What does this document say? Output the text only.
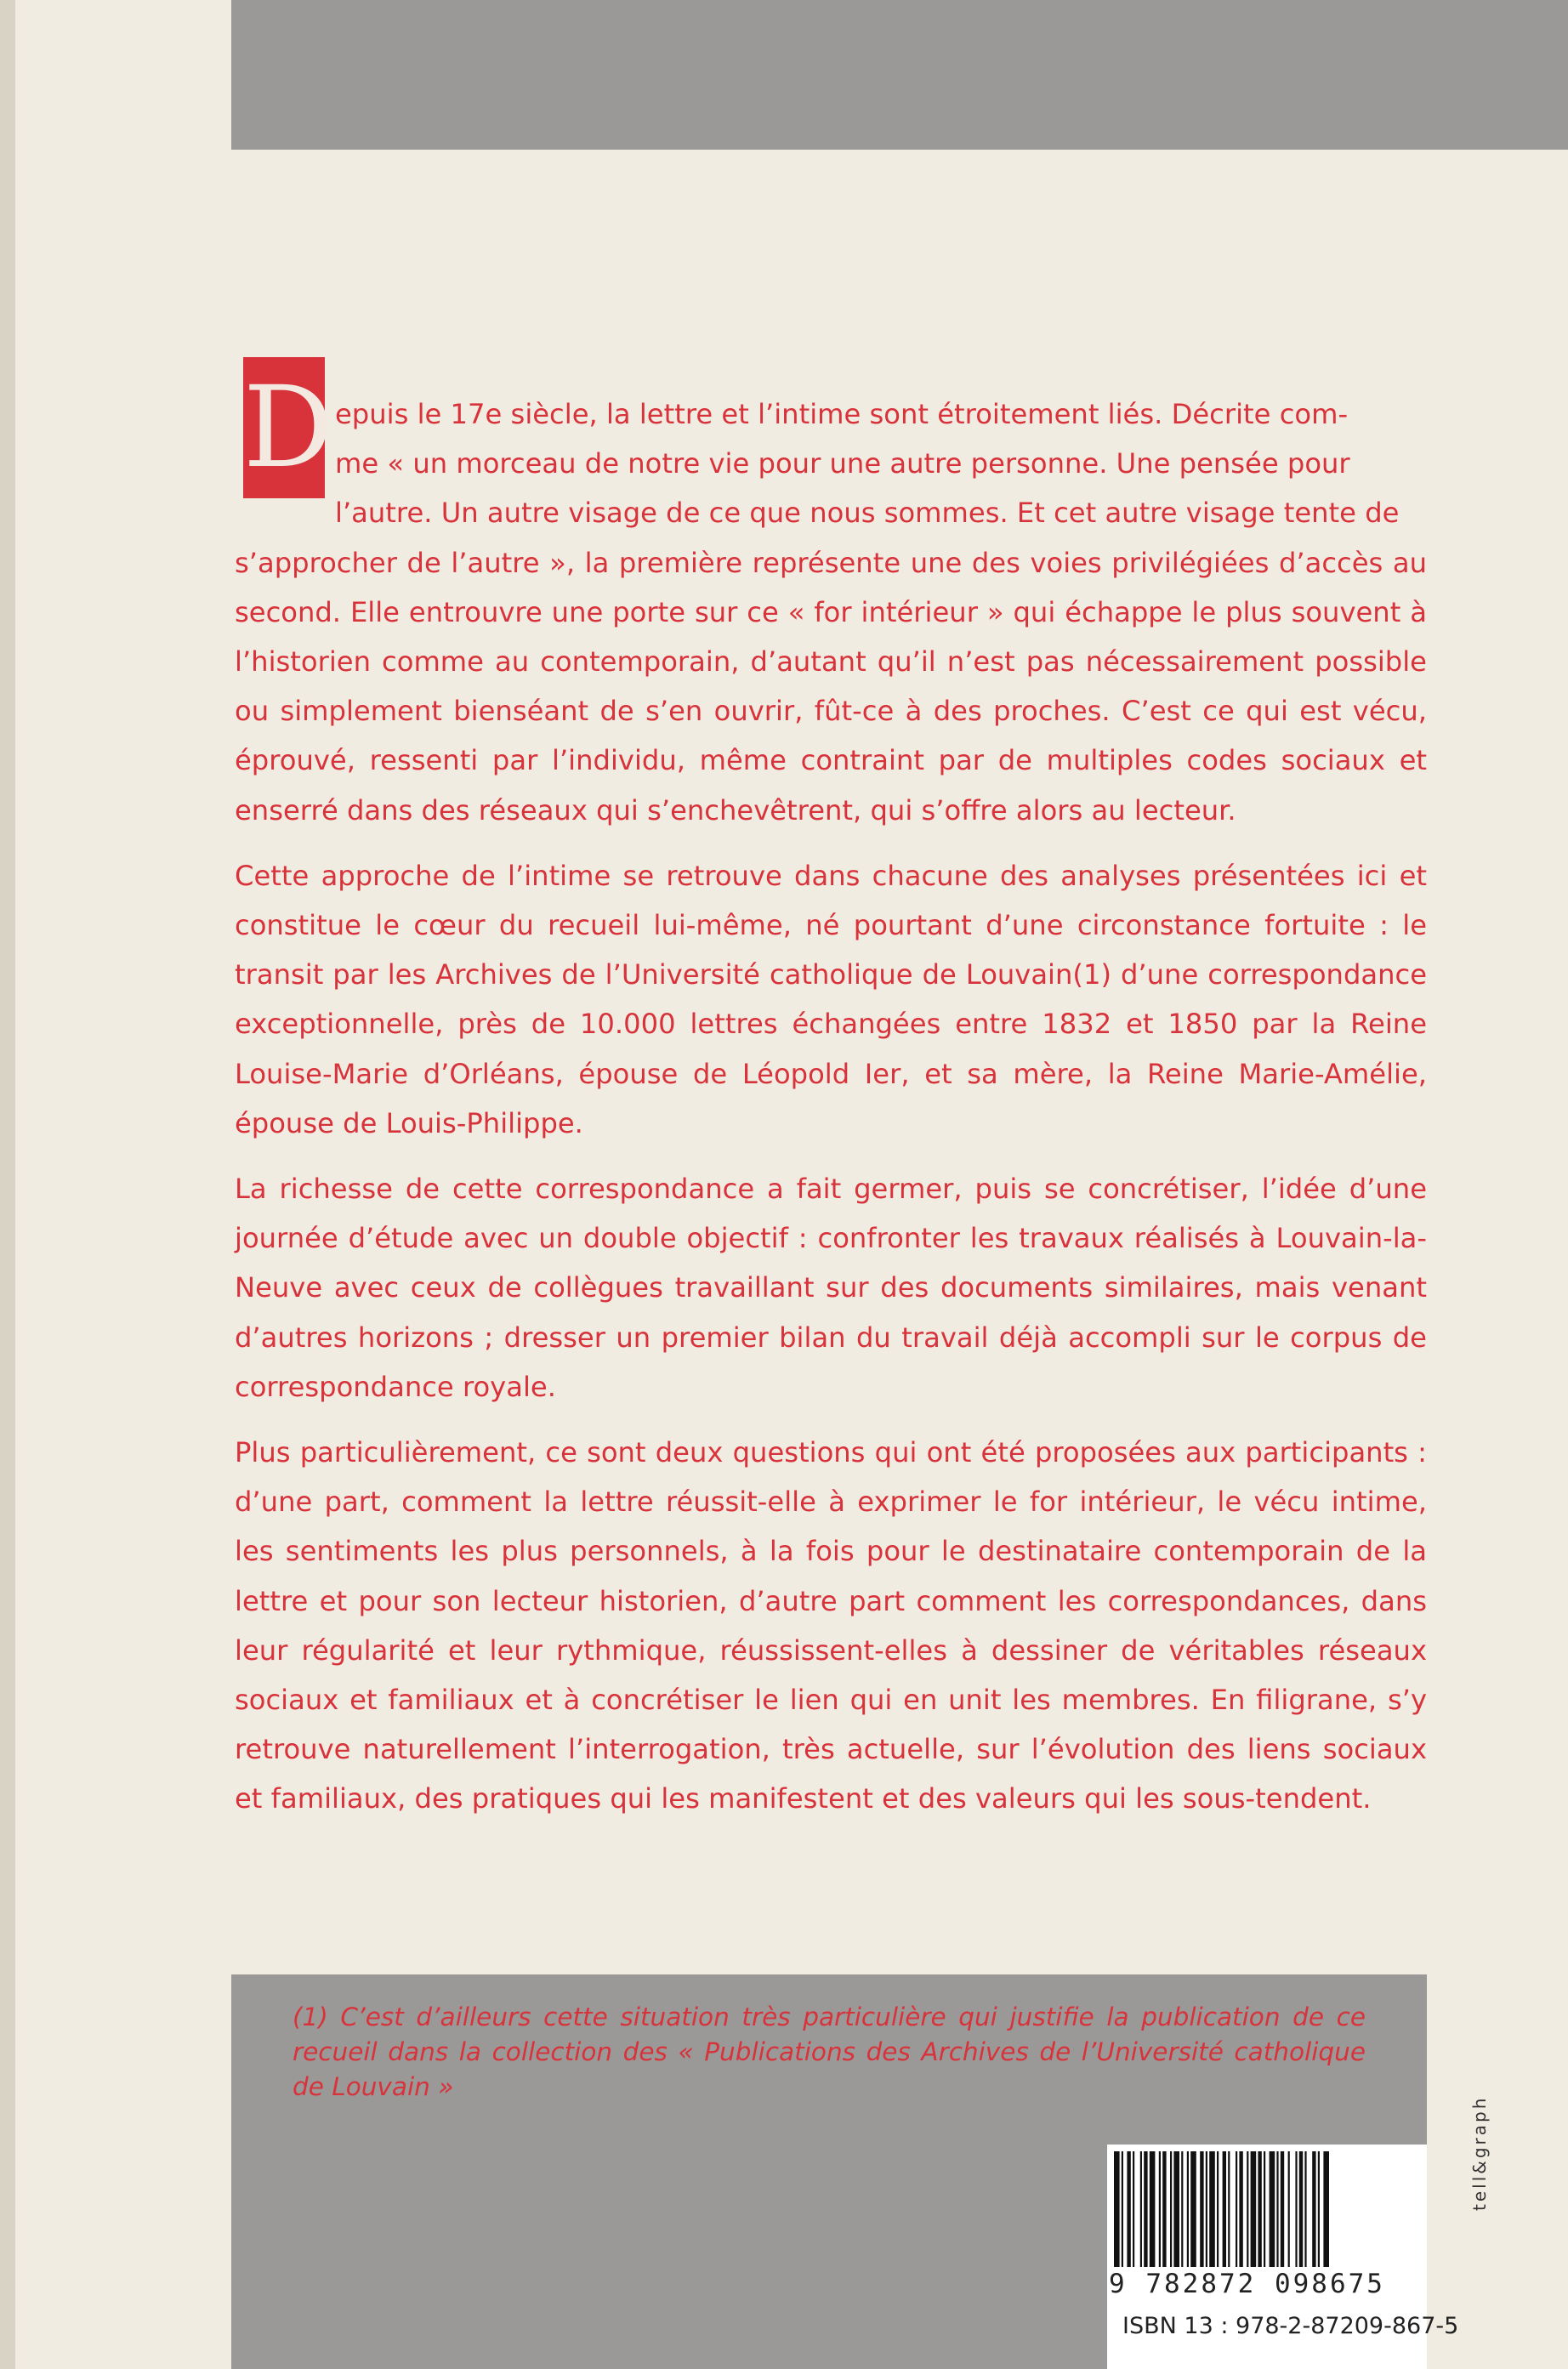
D epuis le 17e siècle, la lettre et l’intime sont étroitement liés. Décrite com-
me « un morceau de notre vie pour une autre personne. Une pensée pour
l’autre. Un autre visage de ce que nous sommes. Et cet autre visage tente de
s’approcher de l’autre », la première représente une des voies privilégiées d’accès au second. Elle entrouvre une porte sur ce « for intérieur » qui échappe le plus souvent à l’historien comme au contemporain, d’autant qu’il n’est pas nécessairement possible ou simplement bienséant de s’en ouvrir, fût-ce à des proches. C’est ce qui est vécu, éprouvé, ressenti par l’individu, même contraint par de multiples codes sociaux et enserré dans des réseaux qui s’enchevêtrent, qui s’offre alors au lecteur.

Cette approche de l’intime se retrouve dans chacune des analyses présentées ici et constitue le cœur du recueil lui-même, né pourtant d’une circonstance fortuite : le transit par les Archives de l’Université catholique de Louvain(1) d’une correspondance exceptionnelle, près de 10.000 lettres échangées entre 1832 et 1850 par la Reine Louise-Marie d’Orléans, épouse de Léopold Ier, et sa mère, la Reine Marie-Amélie, épouse de Louis-Philippe.

La richesse de cette correspondance a fait germer, puis se concrétiser, l’idée d’une journée d’étude avec un double objectif : confronter les travaux réalisés à Louvain-la-Neuve avec ceux de collègues travaillant sur des documents similaires, mais venant d’autres horizons ; dresser un premier bilan du travail déjà accompli sur le corpus de correspondance royale.

Plus particulièrement, ce sont deux questions qui ont été proposées aux participants : d’une part, comment la lettre réussit-elle à exprimer le for intérieur, le vécu intime, les sentiments les plus personnels, à la fois pour le destinataire contemporain de la lettre et pour son lecteur historien, d’autre part comment les correspondances, dans leur régularité et leur rythmique, réussissent-elles à dessiner de véritables réseaux sociaux et familiaux et à concrétiser le lien qui en unit les membres. En filigrane, s’y retrouve naturellement l’interrogation, très actuelle, sur l’évolution des liens sociaux et familiaux, des pratiques qui les manifestent et des valeurs qui les sous-tendent.

(1) C’est d’ailleurs cette situation très particulière qui justifie la publication de ce recueil dans la collection des « Publications des Archives de l’Université catholique de Louvain »
9 782872 098675
ISBN 13 : 978-2-87209-867-5
tell&graph
